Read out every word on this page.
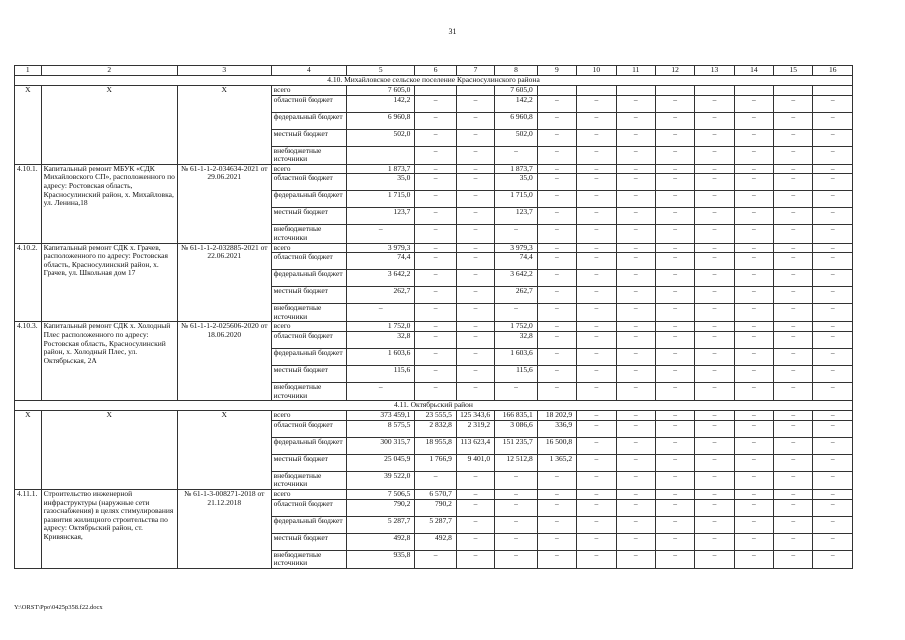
31
1	2	3	4	5	6	7	8	9	10	11	12	13	14	15	16
4.10. Михайловское сельское поселение Красносулинского района															
Х	Х	Х	всего	7 605,0			7 605,0								
			областной бюджет	142,2	–	–	142,2	–	–	–	–	–	–	–	–
			федеральный бюджет	6 960,8	–	–	6 960,8	–	–	–	–	–	–	–	–
			местный бюджет	502,0	–	–	502,0	–	–	–	–	–	–	–	–
			внебюджетные источники		–	–	–	–	–	–	–	–	–	–	–
4.10.1.	Капитальный ремонт МБУК «СДК Михайловского СП», расположенного по адресу: Ростовская область, Красносулинский район, х. Михайловка, ул. Ленина,18	№ 61-1-1-2-034634-2021 от 29.06.2021	всего	1 873,7	–	–	1 873,7	–	–	–	–	–	–	–	–
			областной бюджет	35,0	–	–	35,0	–	–	–	–	–	–	–	–
			федеральный бюджет	1 715,0	–	–	1 715,0	–	–	–	–	–	–	–	–
			местный бюджет	123,7	–	–	123,7	–	–	–	–	–	–	–	–
			внебюджетные источники	–	–	–	–	–	–	–	–	–	–	–	–
4.10.2.	Капитальный ремонт СДК х. Грачев, расположенного по адресу: Ростовская область, Красносулинский район, х. Грачев, ул. Школьная дом 17	№ 61-1-1-2-032885-2021 от 22.06.2021	всего	3 979,3	–	–	3 979,3	–	–	–	–	–	–	–	–
			областной бюджет	74,4	–	–	74,4	–	–	–	–	–	–	–	–
			федеральный бюджет	3 642,2	–	–	3 642,2	–	–	–	–	–	–	–	–
			местный бюджет	262,7	–	–	262,7	–	–	–	–	–	–	–	–
			внебюджетные источники	–	–	–	–	–	–	–	–	–	–	–	–
4.10.3.	Капитальный ремонт СДК х. Холодный Плес расположенного по адресу: Ростовская область, Красносулинский район, х. Холодный Плес, ул. Октябрьская, 2А	№ 61-1-1-2-025606-2020 от 18.06.2020	всего	1 752,0	–	–	1 752,0	–	–	–	–	–	–	–	–
			областной бюджет	32,8	–	–	32,8	–	–	–	–	–	–	–	–
			федеральный бюджет	1 603,6	–	–	1 603,6	–	–	–	–	–	–	–	–
			местный бюджет	115,6	–	–	115,6	–	–	–	–	–	–	–	–
			внебюджетные источники	–	–	–	–	–	–	–	–	–	–	–	–
4.11. Октябрьский район															
Х	Х	Х	всего	373 459,1	23 555,5	125 343,6	166 835,1	18 202,9	–	–	–	–	–	–	–
			областной бюджет	8 575,5	2 832,8	2 319,2	3 086,6	336,9	–	–	–	–	–	–	–
			федеральный бюджет	300 315,7	18 955,8	113 623,4	151 235,7	16 500,8	–	–	–	–	–	–	–
			местный бюджет	25 045,9	1 766,9	9 401,0	12 512,8	1 365,2	–	–	–	–	–	–	–
			внебюджетные источники	39 522,0	–	–	–	–	–	–	–	–	–	–	–
4.11.1.	Строительство инженерной инфраструктуры (наружные сети газоснабжения) в целях стимулирования развития жилищного строительства по адресу: Октябрьский район, ст. Кривянская,	№ 61-1-3-008271-2018 от 21.12.2018	всего	7 506,5	6 570,7	–	–	–	–	–	–	–	–	–	–
			областной бюджет	790,2	790,2	–	–	–	–	–	–	–	–	–	–
			федеральный бюджет	5 287,7	5 287,7	–	–	–	–	–	–	–	–	–	–
			местный бюджет	492,8	492,8	–	–	–	–	–	–	–	–	–	–
			внебюджетные источники	935,8	–	–	–	–	–	–	–	–	–	–	–
Y:\ORST\Ppo\0425p358.f22.docx
